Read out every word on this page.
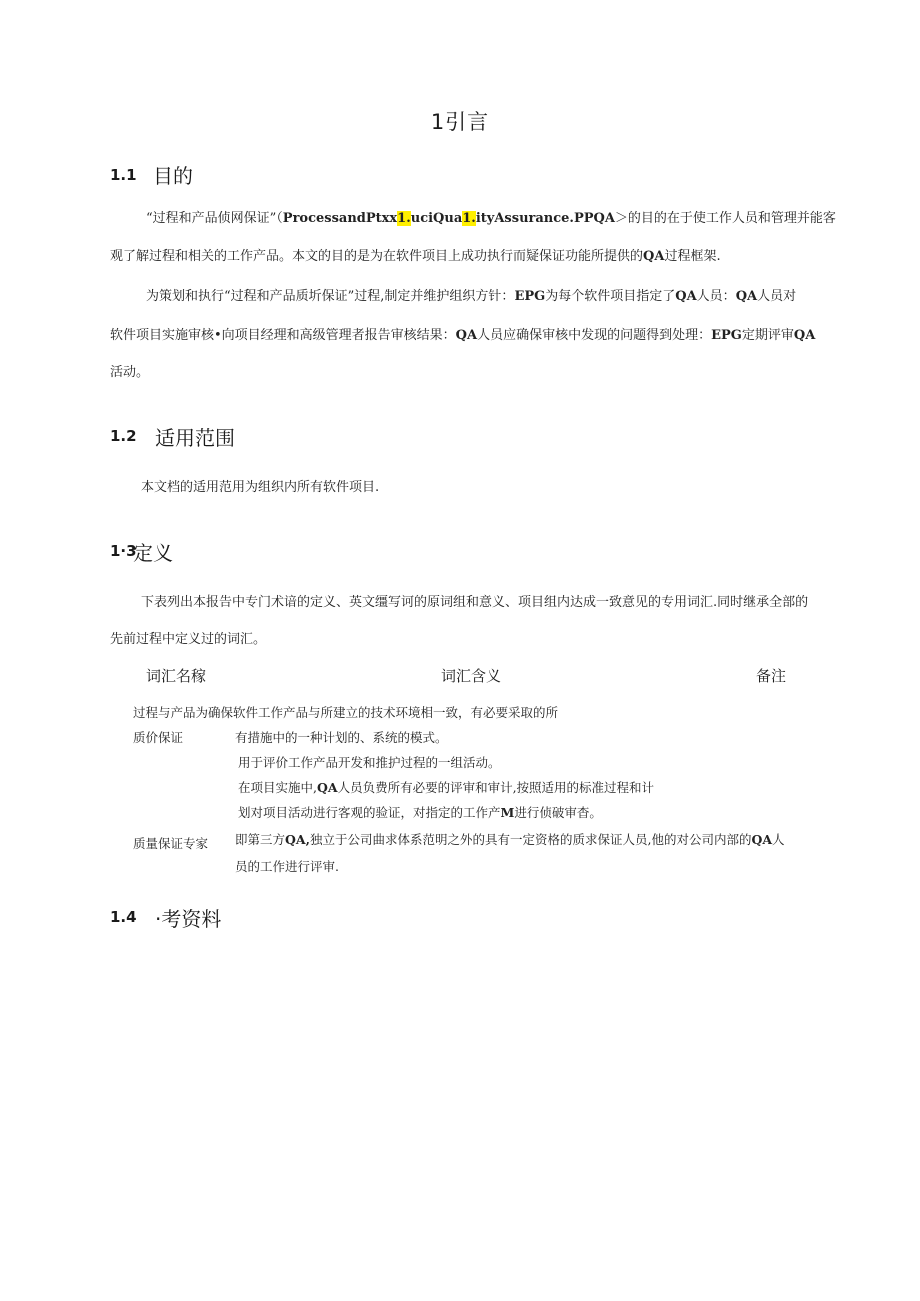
1引言
1.1 目的
“过程和产品侦网保证”（ProcessandPtxx1.uciQua1.ityAssurance.PPQA＞的目的在于使工作人员和管理并能客
观了解过程和相关的工作产品。本文的目的是为在软件项目上成功执行而疑保证功能所提供的QA过程框架.
为策划和执行“过程和产品质圻保证”过程,制定并维护组织方针：EPG为每个软件项目指定了QA人员：QA人员对
软件项目实施审核•向项目经理和高级管理者报告审核结果：QA人员应确保审核中发现的问题得到处理：EPG定期评审QA
活动。
1.2 适用范围
本文档的适用范用为组织内所有软件项目.
1·3
定义
下表列出本报告中专门术谙的定义、英文缰写诃的原词组和意义、项目组内达成一致意见的专用词汇.同时继承全部的
先前过程中定义过的词汇。
词汇名稼	词汇含义	备注
过程与产品为确保软件工作产品与所建立的技术环境相一致，有必要采取的所
质价保证	有措施中的一种计划的、系统的模式。
用于评价工作产品开发和推护过程的一组活动。
在项目实施中,QA人员负费所有必要的评审和审计,按照适用的标准过程和计
划对项目活动进行客观的验证，对指定的工作产M进行侦破审杳。
质量保证专家 即第三方QA,独立于公司曲求体系范明之外的具有一定资格的质求保证人员,他的对公司内部的QA人
员的工作进行评审.
1.4 ·考资料
